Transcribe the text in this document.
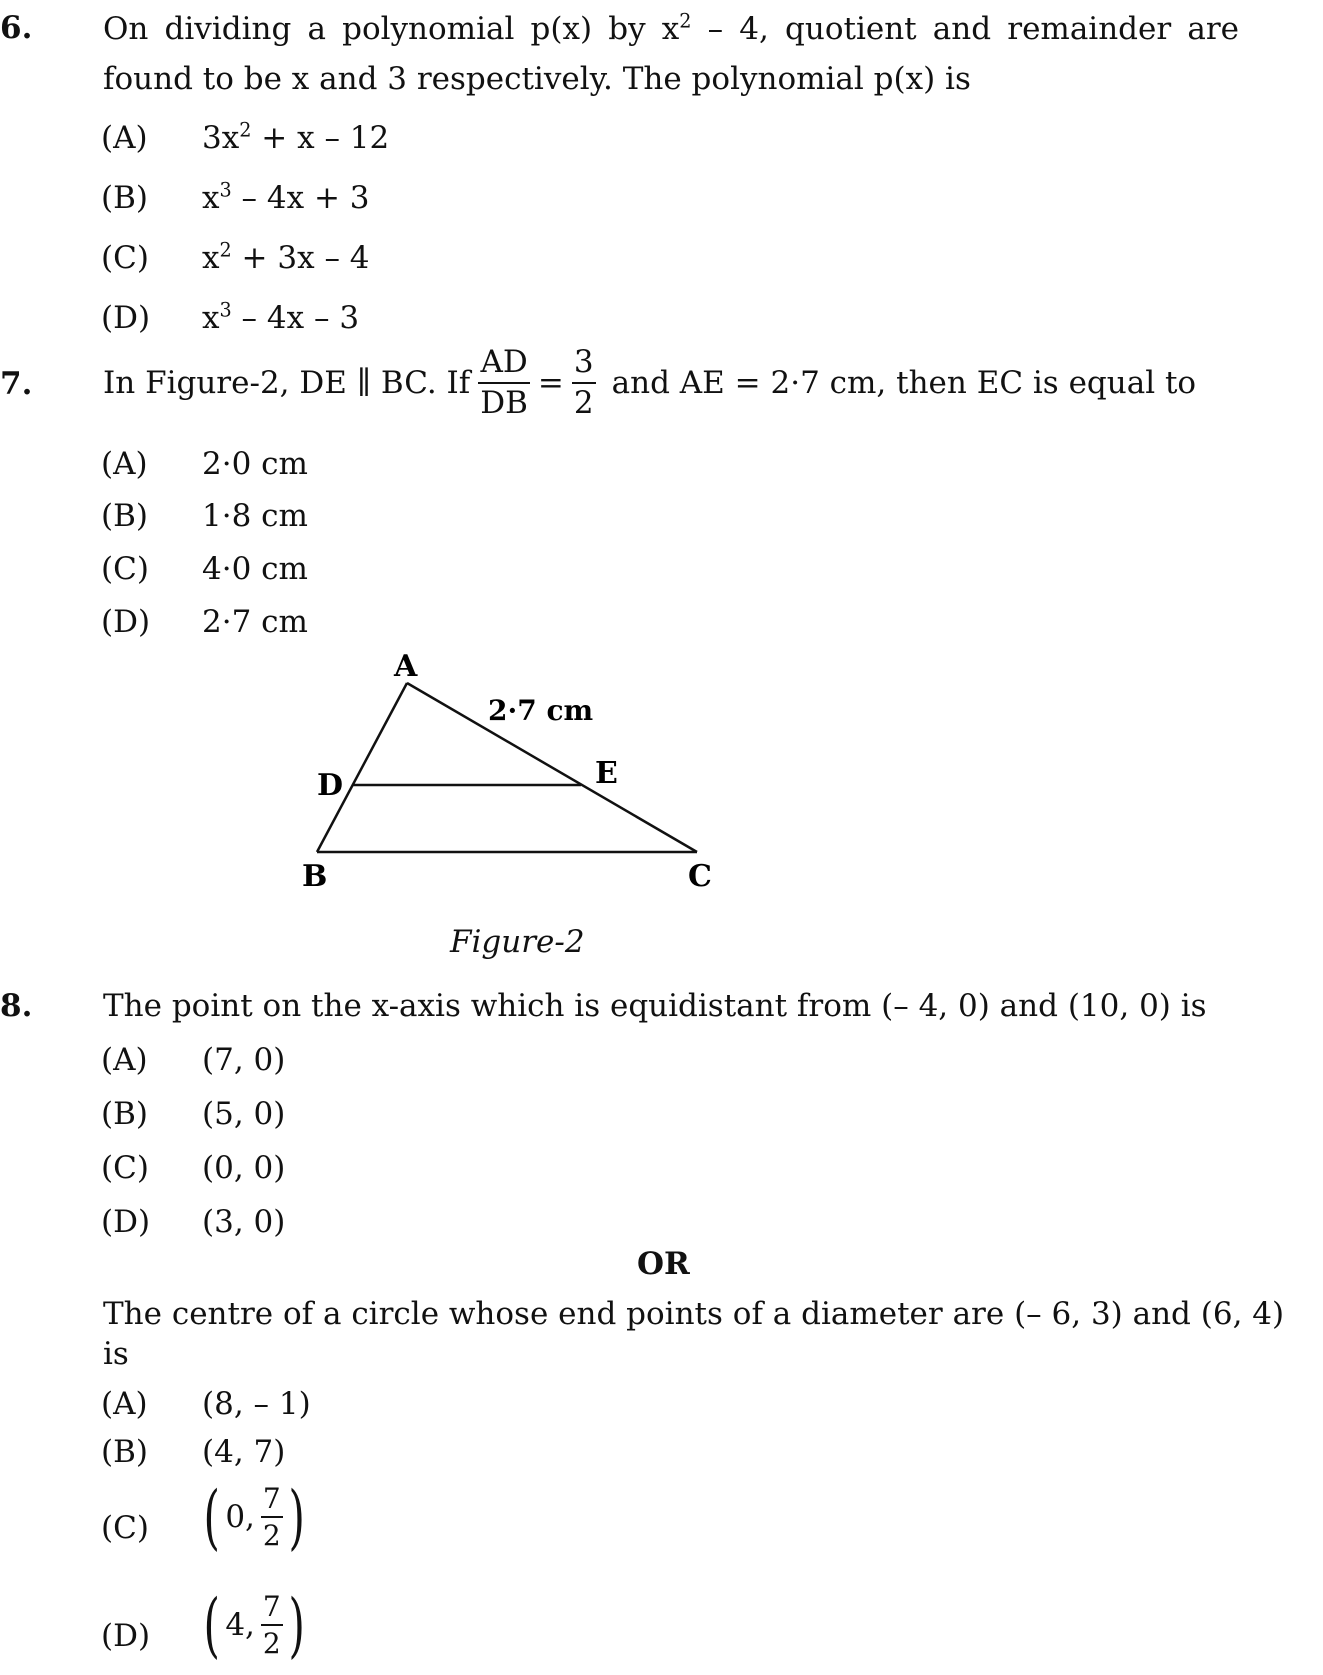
6. On dividing a polynomial p(x) by $x^2 - 4$, quotient and remainder are found to be x and 3 respectively. The polynomial p(x) is
(A) $3x^2 + x - 12$
(B) $x^3 - 4x + 3$
(C) $x^2 + 3x - 4$
(D) $x^3 - 4x - 3$
7. In Figure-2, DE ∥ BC. If $\frac{AD}{DB} = \frac{3}{2}$ and AE = 2·7 cm, then EC is equal to
(A) 2·0 cm
(B) 1·8 cm
(C) 4·0 cm
(D) 2·7 cm
A
B	C
D	E
2·7 cm
Figure-2
8. The point on the x-axis which is equidistant from (– 4, 0) and (10, 0) is
(A) (7, 0)
(B) (5, 0)
(C) (0, 0)
(D) (3, 0)
OR
The centre of a circle whose end points of a diameter are (– 6, 3) and (6, 4)
is
(A) (8, – 1)
(B) (4, 7)
(C) ( 0, $\frac{7}{2}$ )
(D) ( 4, $\frac{7}{2}$ )
